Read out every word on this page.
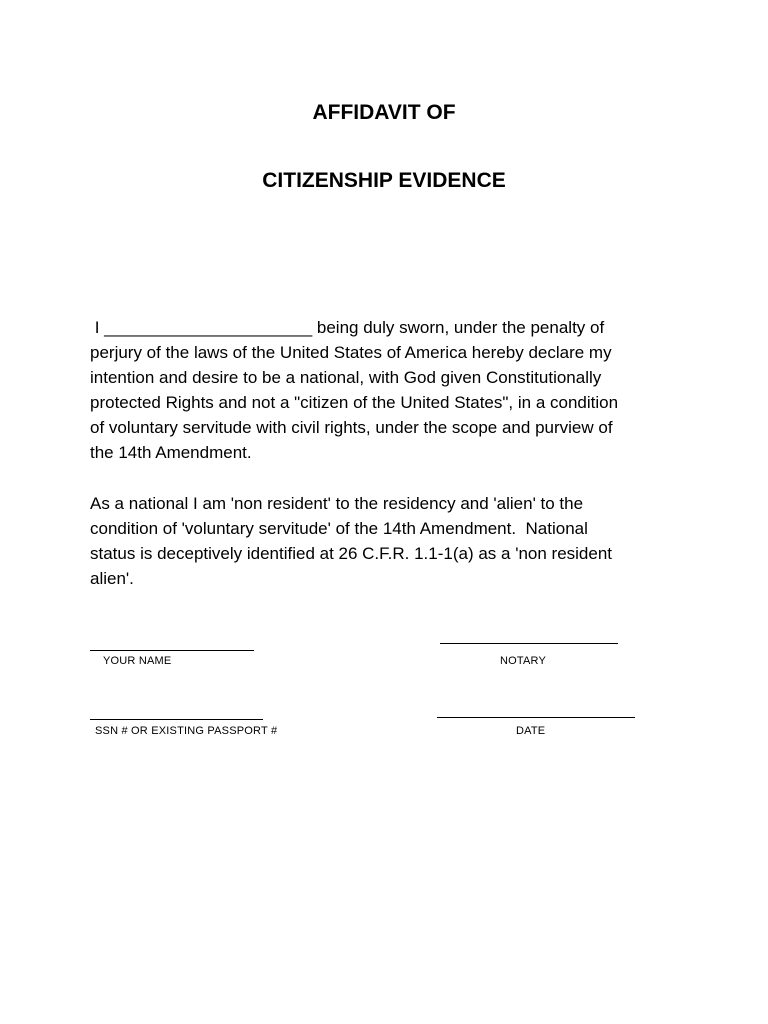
AFFIDAVIT OF
CITIZENSHIP EVIDENCE

I ______________________ being duly sworn, under the penalty of
perjury of the laws of the United States of America hereby declare my
intention and desire to be a national, with God given Constitutionally
protected Rights and not a "citizen of the United States", in a condition
of voluntary servitude with civil rights, under the scope and purview of
the 14th Amendment.

As a national I am 'non resident' to the residency and 'alien' to the
condition of 'voluntary servitude' of the 14th Amendment.  National
status is deceptively identified at 26 C.F.R. 1.1-1(a) as a 'non resident
alien'.

YOUR NAME	NOTARY
SSN # OR EXISTING PASSPORT #	DATE
